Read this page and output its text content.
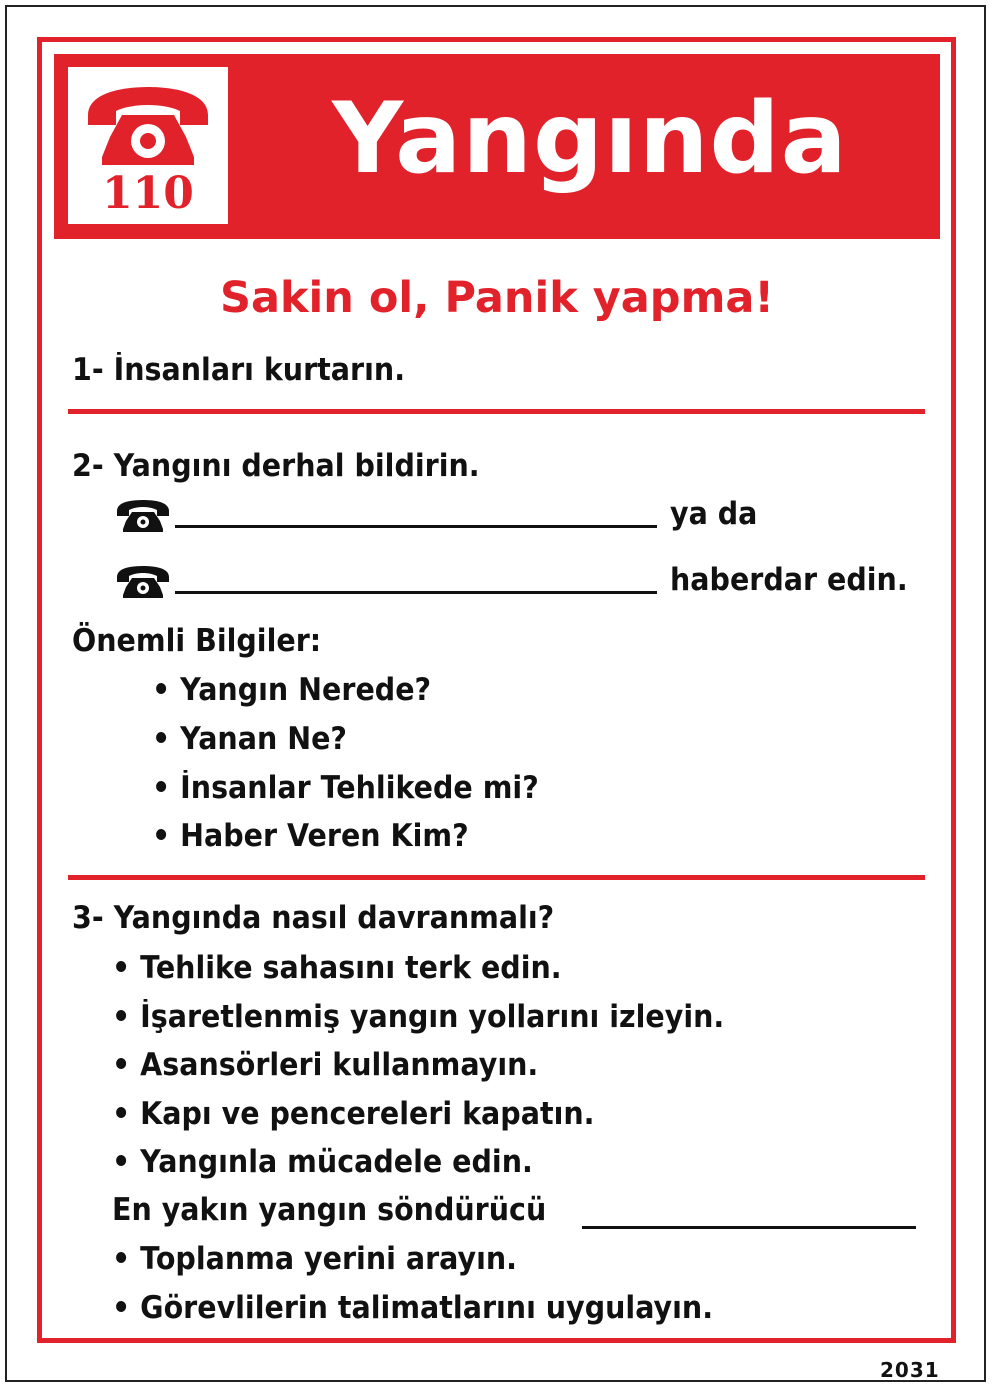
110	Yangında
Sakin ol, Panik yapma!
1- İnsanları kurtarın.
2- Yangını derhal bildirin.
ya da
haberdar edin.
Önemli Bilgiler:
• Yangın Nerede?
• Yanan Ne?
• İnsanlar Tehlikede mi?
• Haber Veren Kim?
3- Yangında nasıl davranmalı?
• Tehlike sahasını terk edin.
• İşaretlenmiş yangın yollarını izleyin.
• Asansörleri kullanmayın.
• Kapı ve pencereleri kapatın.
• Yangınla mücadele edin.
En yakın yangın söndürücü
• Toplanma yerini arayın.
• Görevlilerin talimatlarını uygulayın.
2031
